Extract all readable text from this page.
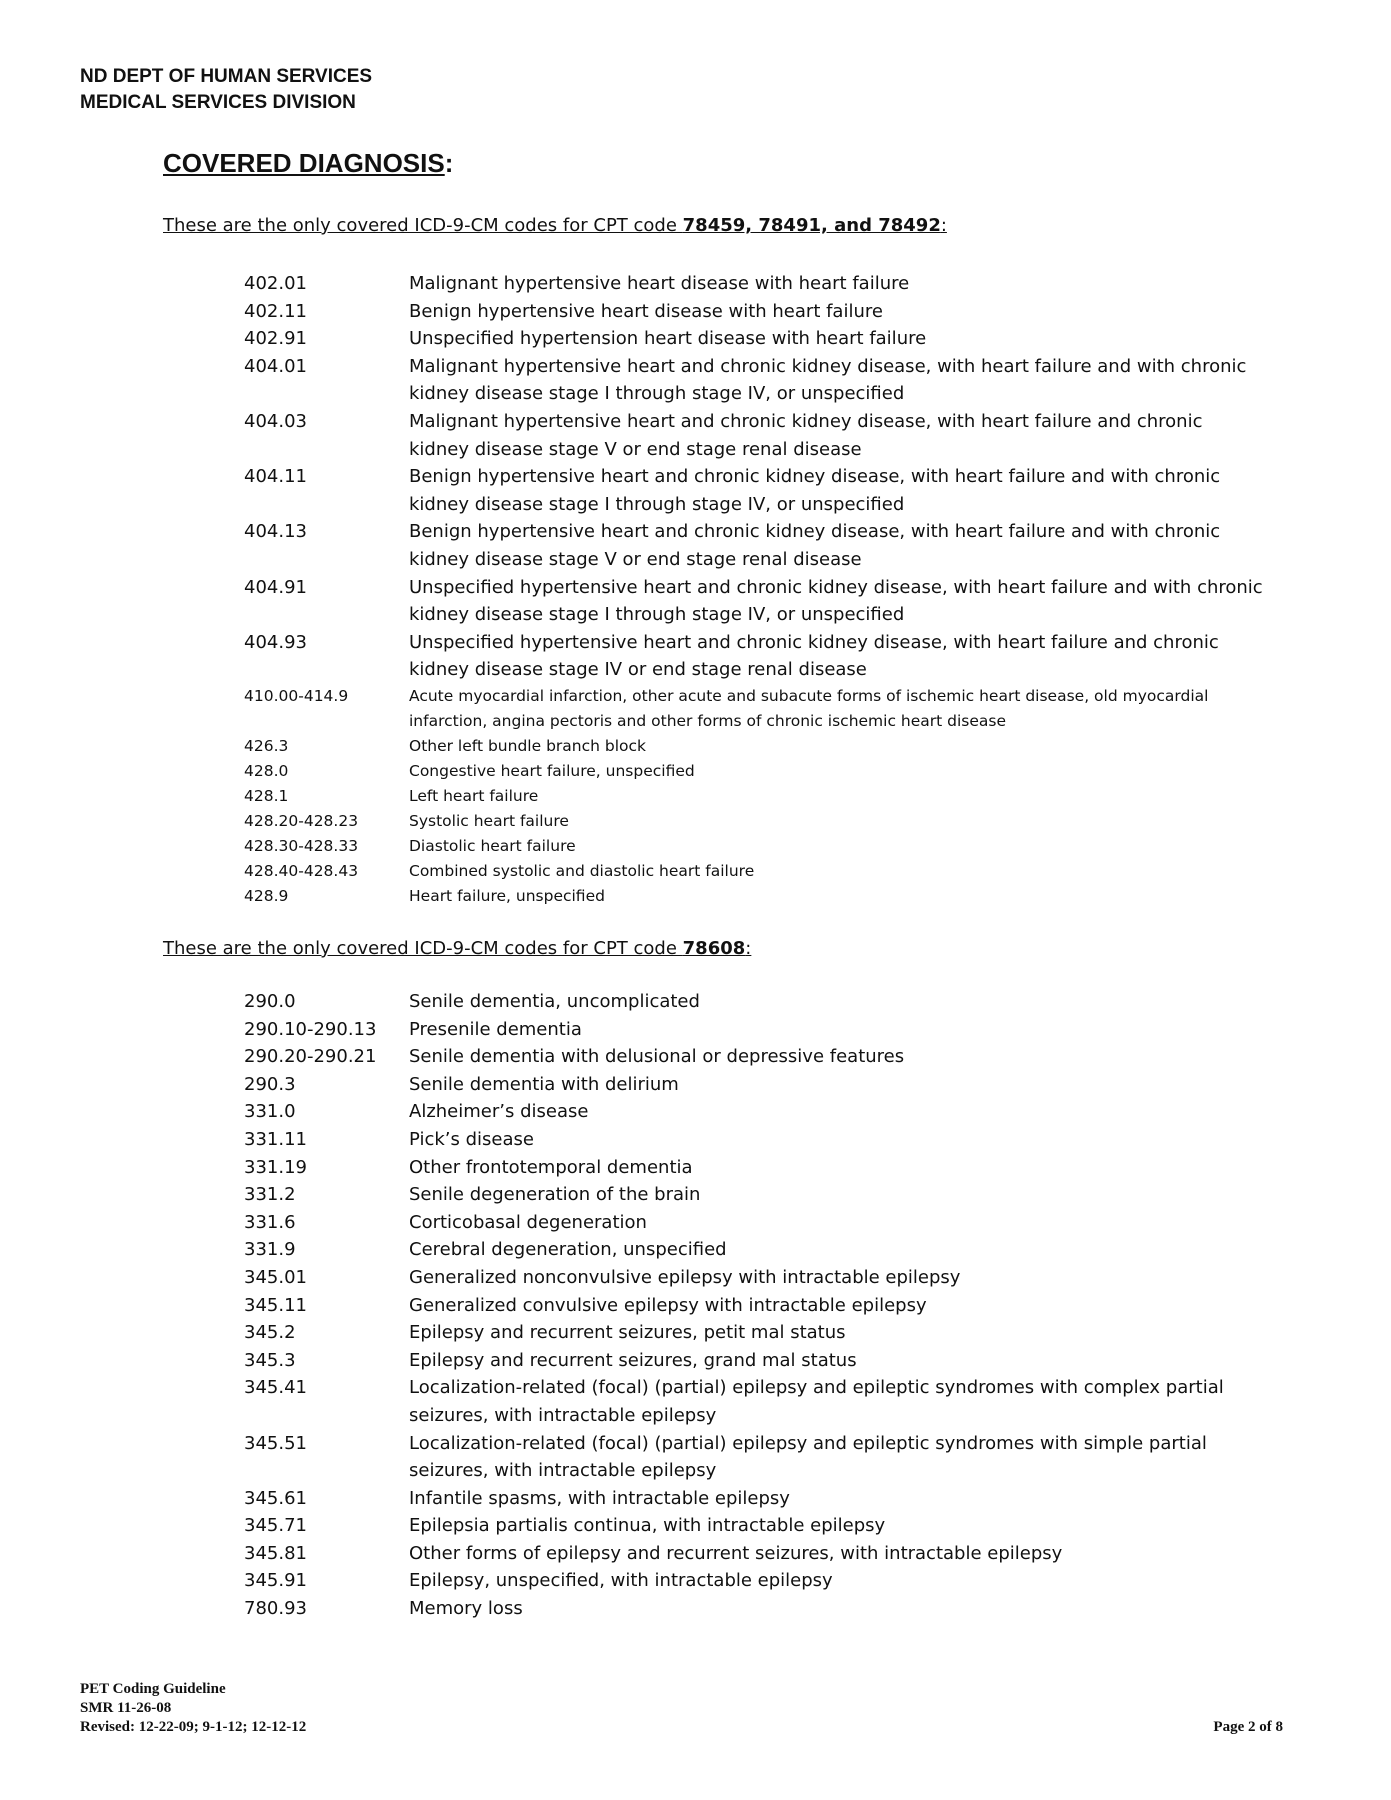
ND DEPT OF HUMAN SERVICES
MEDICAL SERVICES DIVISION
COVERED DIAGNOSIS:
These are the only covered ICD-9-CM codes for CPT code 78459, 78491, and 78492:
402.01	Malignant hypertensive heart disease with heart failure
402.11	Benign hypertensive heart disease with heart failure
402.91	Unspecified hypertension heart disease with heart failure
404.01	Malignant hypertensive heart and chronic kidney disease, with heart failure and with chronic kidney disease stage I through stage IV, or unspecified
404.03	Malignant hypertensive heart and chronic kidney disease, with heart failure and chronic kidney disease stage V or end stage renal disease
404.11	Benign hypertensive heart and chronic kidney disease, with heart failure and with chronic kidney disease stage I through stage IV, or unspecified
404.13	Benign hypertensive heart and chronic kidney disease, with heart failure and with chronic kidney disease stage V or end stage renal disease
404.91	Unspecified hypertensive heart and chronic kidney disease, with heart failure and with chronic kidney disease stage I through stage IV, or unspecified
404.93	Unspecified hypertensive heart and chronic kidney disease, with heart failure and chronic kidney disease stage IV or end stage renal disease
410.00-414.9	Acute myocardial infarction, other acute and subacute forms of ischemic heart disease, old myocardial infarction, angina pectoris and other forms of chronic ischemic heart disease
426.3	Other left bundle branch block
428.0	Congestive heart failure, unspecified
428.1	Left heart failure
428.20-428.23	Systolic heart failure
428.30-428.33	Diastolic heart failure
428.40-428.43	Combined systolic and diastolic heart failure
428.9	Heart failure, unspecified
These are the only covered ICD-9-CM codes for CPT code 78608:
290.0	Senile dementia, uncomplicated
290.10-290.13	Presenile dementia
290.20-290.21	Senile dementia with delusional or depressive features
290.3	Senile dementia with delirium
331.0	Alzheimer’s disease
331.11	Pick’s disease
331.19	Other frontotemporal dementia
331.2	Senile degeneration of the brain
331.6	Corticobasal degeneration
331.9	Cerebral degeneration, unspecified
345.01	Generalized nonconvulsive epilepsy with intractable epilepsy
345.11	Generalized convulsive epilepsy with intractable epilepsy
345.2	Epilepsy and recurrent seizures, petit mal status
345.3	Epilepsy and recurrent seizures, grand mal status
345.41	Localization-related (focal) (partial) epilepsy and epileptic syndromes with complex partial seizures, with intractable epilepsy
345.51	Localization-related (focal) (partial) epilepsy and epileptic syndromes with simple partial seizures, with intractable epilepsy
345.61	Infantile spasms, with intractable epilepsy
345.71	Epilepsia partialis continua, with intractable epilepsy
345.81	Other forms of epilepsy and recurrent seizures, with intractable epilepsy
345.91	Epilepsy, unspecified, with intractable epilepsy
780.93	Memory loss
PET Coding Guideline
SMR 11-26-08
Revised: 12-22-09; 9-1-12; 12-12-12	Page 2 of 8
